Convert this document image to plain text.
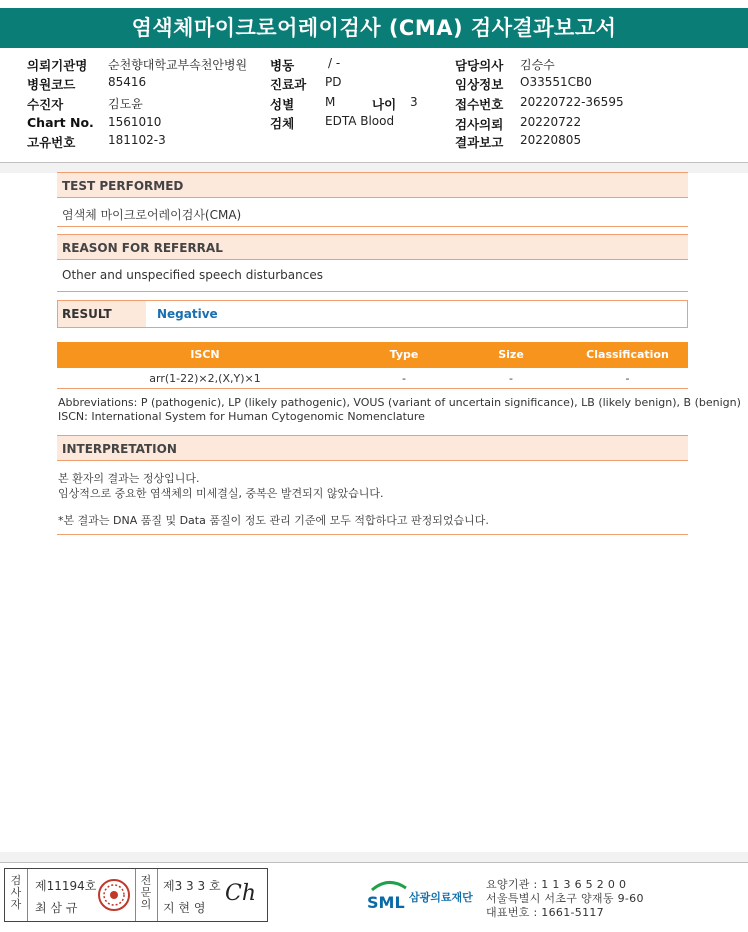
염색체마이크로어레이검사 (CMA) 검사결과보고서
의뢰기관명 순천향대학교부속천안병원
병원코드	85416
수진자	김도윤
Chart No. 1561010
고유번호	181102-3
병동	/ -
진료과 PD
성별	M	나이 3
검체	EDTA Blood
담당의사 김승수
임상정보 O33551CB0
접수번호 20220722-36595
검사의뢰 20220722
결과보고 20220805
TEST PERFORMED
염색체 마이크로어레이검사(CMA)
REASON FOR REFERRAL
Other and unspecified speech disturbances
RESULT	Negative
ISCN	Type	Size	Classification
arr(1-22)×2,(X,Y)×1	-	-	-
Abbreviations: P (pathogenic), LP (likely pathogenic), VOUS (variant of uncertain significance), LB (likely benign), B (benign)
ISCN: International System for Human Cytogenomic Nomenclature
INTERPRETATION
본 환자의 결과는 정상입니다.
임상적으로 중요한 염색체의 미세결실, 중복은 발견되지 않았습니다.
*본 결과는 DNA 품질 및 Data 품질이 정도 관리 기준에 모두 적합하다고 판정되었습니다.
검
사
자
제11194호
최 삼 규
전
문
의
제3 3 3 호
지 현 영
Ch	SML 삼광의료재단
요양기관 : 1 1 3 6 5 2 0 0
서울특별시 서초구 양재동 9-60
대표번호 : 1661-5117
